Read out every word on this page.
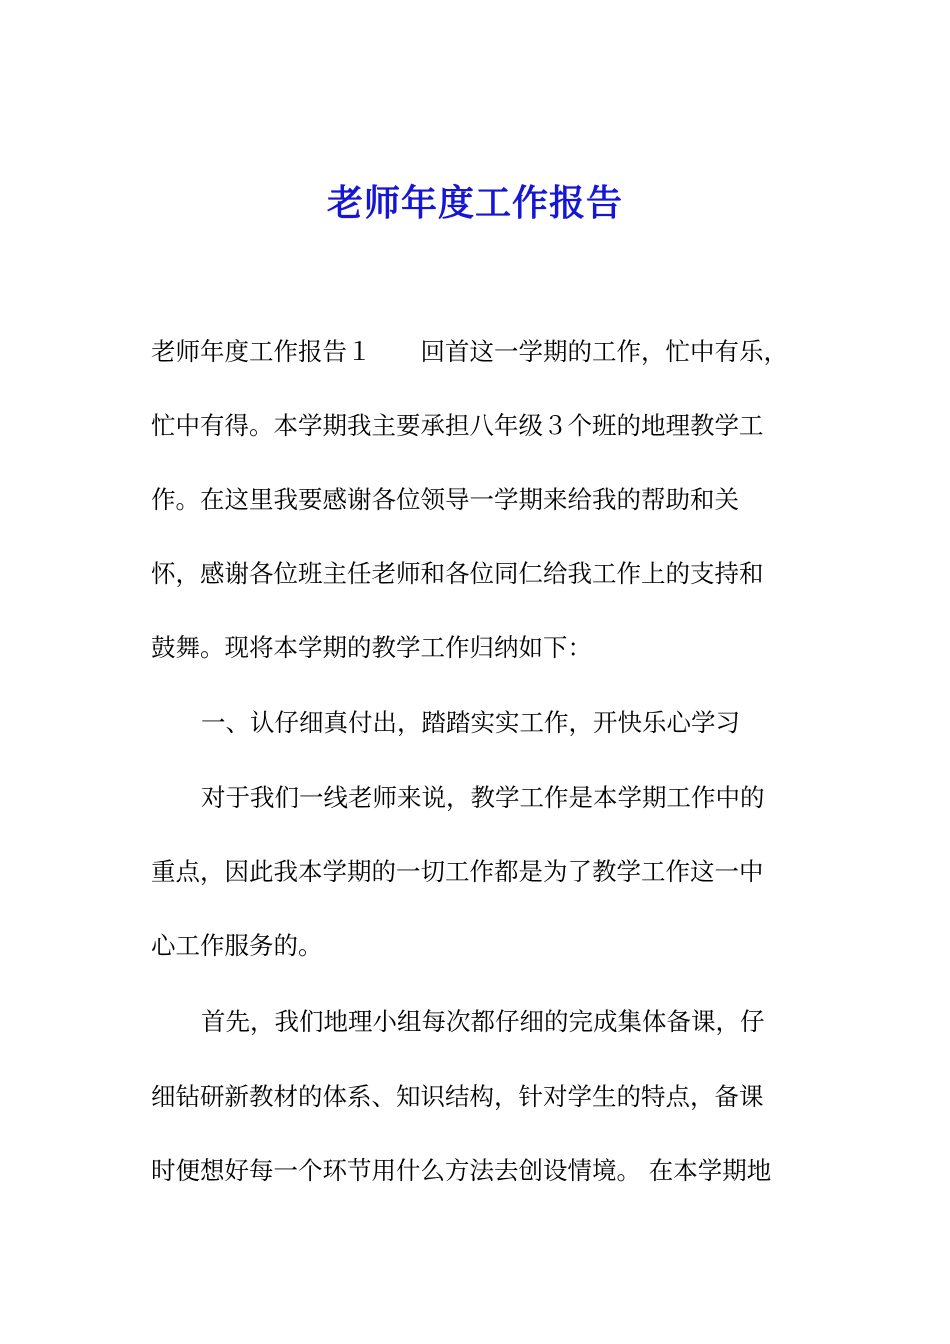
老师年度工作报告
老师年度工作报告１　　回首这一学期的工作，忙中有乐，
忙中有得。本学期我主要承担八年级３个班的地理教学工
作。在这里我要感谢各位领导一学期来给我的帮助和关
怀，感谢各位班主任老师和各位同仁给我工作上的支持和
鼓舞。现将本学期的教学工作归纳如下：
一、认仔细真付出，踏踏实实工作，开快乐心学习
对于我们一线老师来说，教学工作是本学期工作中的
重点，因此我本学期的一切工作都是为了教学工作这一中
心工作服务的。
首先，我们地理小组每次都仔细的完成集体备课，仔
细钻研新教材的体系、知识结构，针对学生的特点，备课
时便想好每一个环节用什么方法去创设情境。 在本学期地
